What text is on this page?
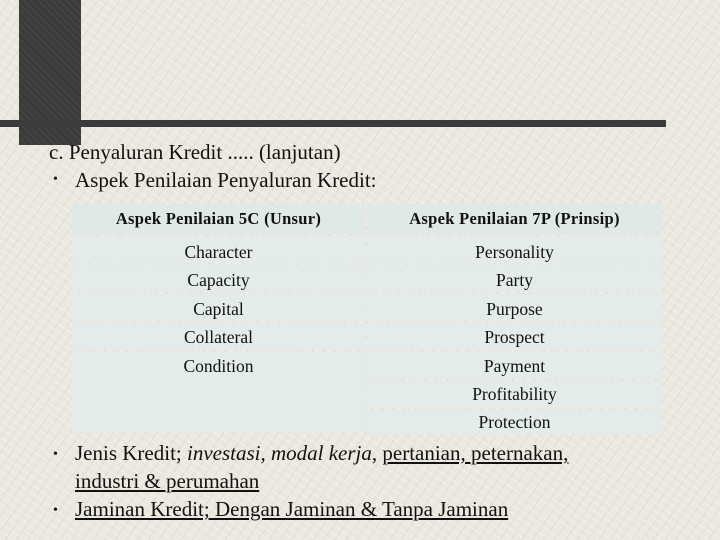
c. Penyaluran Kredit ..... (lanjutan)
• Aspek Penilaian Penyaluran Kredit:
Aspek Penilaian 5C (Unsur)	Aspek Penilaian 7P (Prinsip)
Character
Capacity
Capital
Collateral
Condition
Personality
Party
Purpose
Prospect
Payment
Profitability
Protection
• Jenis Kredit; investasi, modal kerja, pertanian, peternakan,
industri & perumahan
• Jaminan Kredit; Dengan Jaminan & Tanpa Jaminan
